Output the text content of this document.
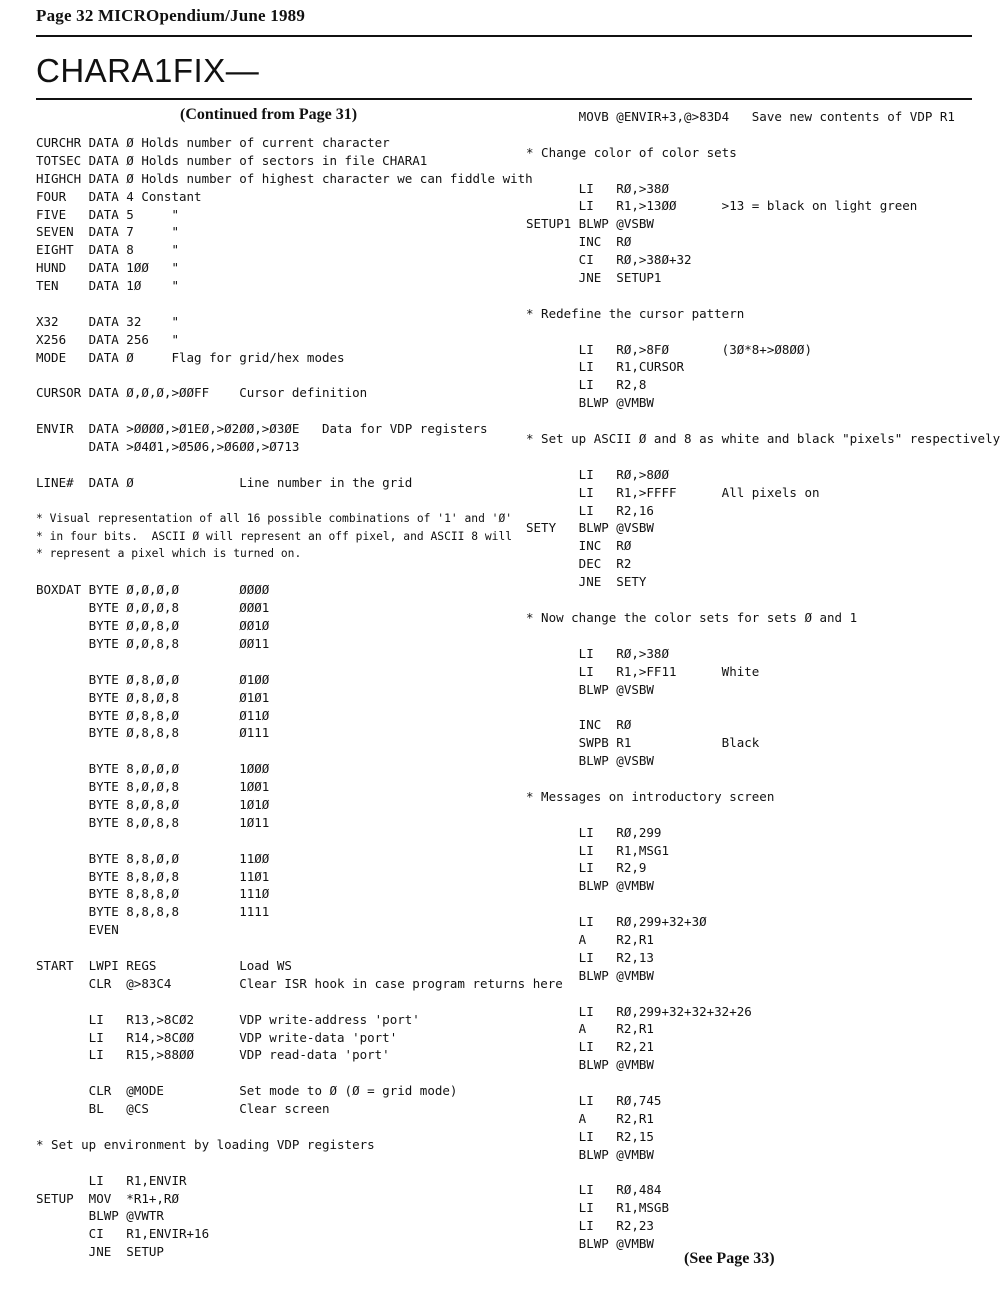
Page 32 MICROpendium/June 1989
CHARA1FIX—
(Continued from Page 31)
CURCHR DATA Ø Holds number of current character
TOTSEC DATA Ø Holds number of sectors in file CHARA1
HIGHCH DATA Ø Holds number of highest character we can fiddle with
FOUR   DATA 4 Constant
FIVE   DATA 5     "
SEVEN  DATA 7     "
EIGHT  DATA 8     "
HUND   DATA 1ØØ   "
TEN    DATA 1Ø    "

X32    DATA 32    "
X256   DATA 256   "
MODE   DATA Ø     Flag for grid/hex modes

CURSOR DATA Ø,Ø,Ø,>ØØFF    Cursor definition

ENVIR  DATA >ØØØØ,>Ø1EØ,>Ø2ØØ,>Ø3ØE   Data for VDP registers
DATA >Ø4Ø1,>Ø5Ø6,>Ø6ØØ,>Ø713

LINE#  DATA Ø              Line number in the grid

* Visual representation of all 16 possible combinations of '1' and 'Ø'
* in four bits.  ASCII Ø will represent an off pixel, and ASCII 8 will
* represent a pixel which is turned on.

BOXDAT BYTE Ø,Ø,Ø,Ø        ØØØØ
BYTE Ø,Ø,Ø,8        ØØØ1
BYTE Ø,Ø,8,Ø        ØØ1Ø
BYTE Ø,Ø,8,8        ØØ11

BYTE Ø,8,Ø,Ø        Ø1ØØ
BYTE Ø,8,Ø,8        Ø1Ø1
BYTE Ø,8,8,Ø        Ø11Ø
BYTE Ø,8,8,8        Ø111

BYTE 8,Ø,Ø,Ø        1ØØØ
BYTE 8,Ø,Ø,8        1ØØ1
BYTE 8,Ø,8,Ø        1Ø1Ø
BYTE 8,Ø,8,8        1Ø11

BYTE 8,8,Ø,Ø        11ØØ
BYTE 8,8,Ø,8        11Ø1
BYTE 8,8,8,Ø        111Ø
BYTE 8,8,8,8        1111
EVEN

START  LWPI REGS           Load WS
CLR  @>83C4         Clear ISR hook in case program returns here

LI   R13,>8CØ2      VDP write-address 'port'
LI   R14,>8CØØ      VDP write-data 'port'
LI   R15,>88ØØ      VDP read-data 'port'

CLR  @MODE          Set mode to Ø (Ø = grid mode)
BL   @CS            Clear screen

* Set up environment by loading VDP registers

LI   R1,ENVIR
SETUP  MOV  *R1+,RØ
BLWP @VWTR
CI   R1,ENVIR+16
JNE  SETUP
MOVB @ENVIR+3,@>83D4   Save new contents of VDP R1

* Change color of color sets

LI   RØ,>38Ø
LI   R1,>13ØØ      >13 = black on light green
SETUP1 BLWP @VSBW
INC  RØ
CI   RØ,>38Ø+32
JNE  SETUP1

* Redefine the cursor pattern

LI   RØ,>8FØ       (3Ø*8+>Ø8ØØ)
LI   R1,CURSOR
LI   R2,8
BLWP @VMBW

* Set up ASCII Ø and 8 as white and black "pixels" respectively

LI   RØ,>8ØØ
LI   R1,>FFFF      All pixels on
LI   R2,16
SETY   BLWP @VSBW
INC  RØ
DEC  R2
JNE  SETY

* Now change the color sets for sets Ø and 1

LI   RØ,>38Ø
LI   R1,>FF11      White
BLWP @VSBW

INC  RØ
SWPB R1            Black
BLWP @VSBW

* Messages on introductory screen

LI   RØ,299
LI   R1,MSG1
LI   R2,9
BLWP @VMBW

LI   RØ,299+32+3Ø
A    R2,R1
LI   R2,13
BLWP @VMBW

LI   RØ,299+32+32+32+26
A    R2,R1
LI   R2,21
BLWP @VMBW

LI   RØ,745
A    R2,R1
LI   R2,15
BLWP @VMBW

LI   RØ,484
LI   R1,MSGB
LI   R2,23
BLWP @VMBW
(See Page 33)
